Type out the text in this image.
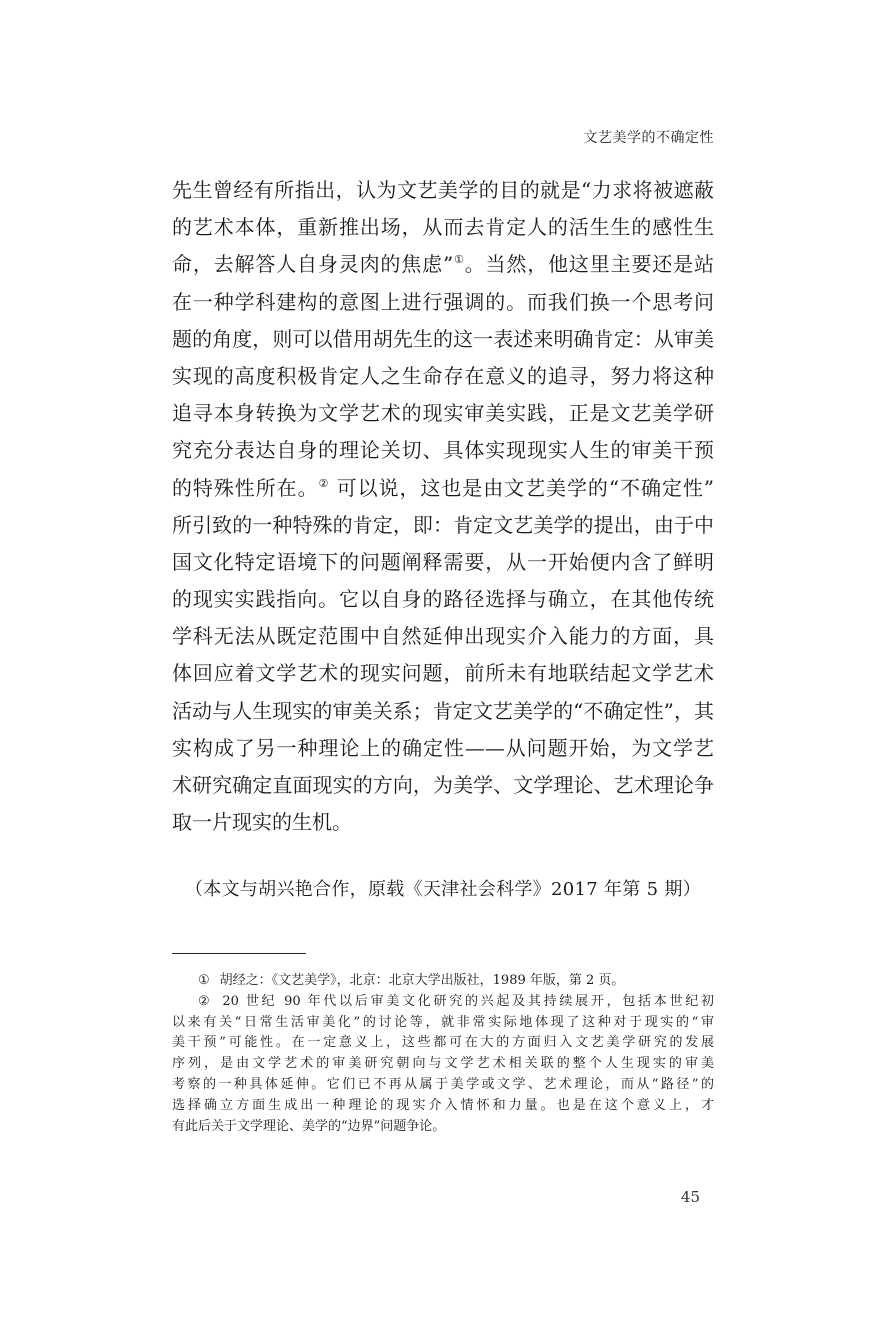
文艺美学的不确定性
先生曾经有所指出，认为文艺美学的目的就是“力求将被遮蔽
的艺术本体，重新推出场，从而去肯定人的活生生的感性生
命，去解答人自身灵肉的焦虑”①。当然，他这里主要还是站
在一种学科建构的意图上进行强调的。而我们换一个思考问
题的角度，则可以借用胡先生的这一表述来明确肯定：从审美
实现的高度积极肯定人之生命存在意义的追寻，努力将这种
追寻本身转换为文学艺术的现实审美实践，正是文艺美学研
究充分表达自身的理论关切、具体实现现实人生的审美干预
的特殊性所在。② 可以说，这也是由文艺美学的“不确定性”
所引致的一种特殊的肯定，即：肯定文艺美学的提出，由于中
国文化特定语境下的问题阐释需要，从一开始便内含了鲜明
的现实实践指向。它以自身的路径选择与确立，在其他传统
学科无法从既定范围中自然延伸出现实介入能力的方面，具
体回应着文学艺术的现实问题，前所未有地联结起文学艺术
活动与人生现实的审美关系；肯定文艺美学的“不确定性”，其
实构成了另一种理论上的确定性——从问题开始，为文学艺
术研究确定直面现实的方向，为美学、文学理论、艺术理论争
取一片现实的生机。
（本文与胡兴艳合作，原载《天津社会科学》2017 年第 5 期）
① 胡经之：《文艺美学》，北京：北京大学出版社，1989 年版，第 2 页。
② 20 世纪 90 年代以后审美文化研究的兴起及其持续展开，包括本世纪初
以来有关“日常生活审美化”的讨论等，就非常实际地体现了这种对于现实的“审
美干预”可能性。在一定意义上，这些都可在大的方面归入文艺美学研究的发展
序列，是由文学艺术的审美研究朝向与文学艺术相关联的整个人生现实的审美
考察的一种具体延伸。它们已不再从属于美学或文学、艺术理论，而从“路径”的
选择确立方面生成出一种理论的现实介入情怀和力量。也是在这个意义上，才
有此后关于文学理论、美学的“边界”问题争论。
45
